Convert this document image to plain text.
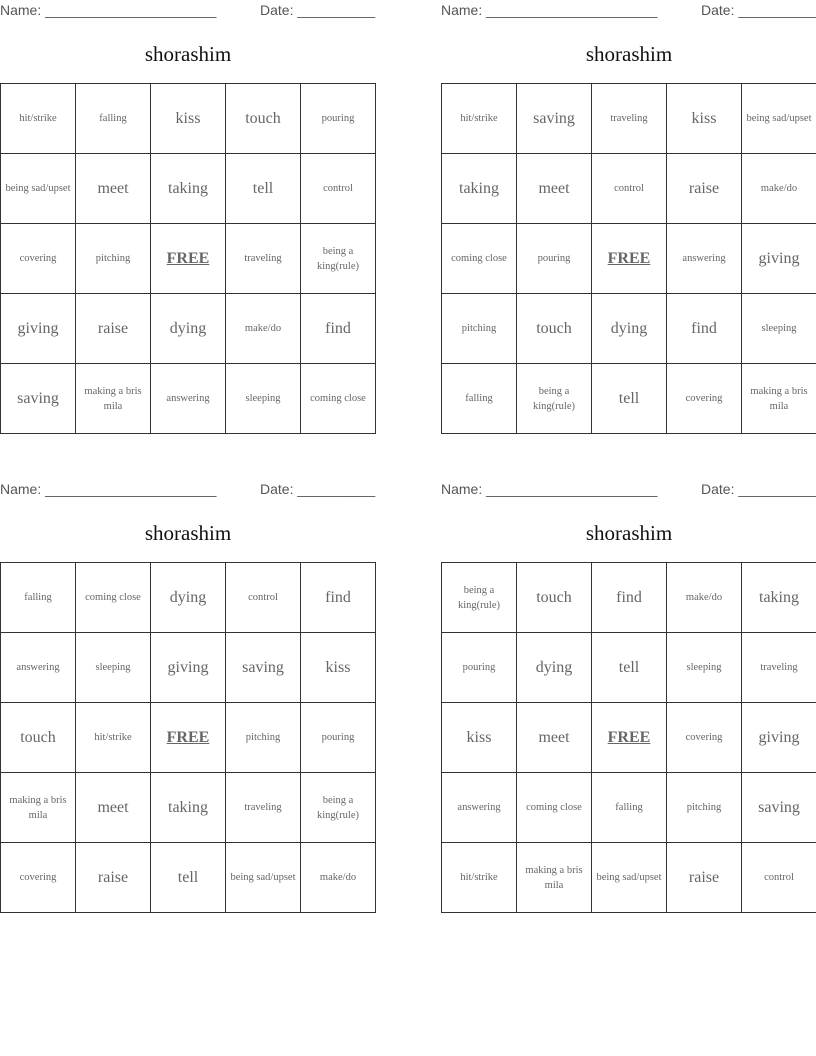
Name: ______________________	Date: __________
shorashim
hit/strike	falling	kiss	touch	pouring
being sad/upset	meet	taking	tell	control
covering	pitching	FREE	traveling	being a king(rule)
giving	raise	dying	make/do	find
saving	making a bris mila	answering	sleeping	coming close
Name: ______________________	Date: __________
shorashim
hit/strike	saving	traveling	kiss	being sad/upset
taking	meet	control	raise	make/do
coming close	pouring	FREE	answering	giving
pitching	touch	dying	find	sleeping
falling	being a king(rule)	tell	covering	making a bris mila
Name: ______________________	Date: __________
shorashim
falling	coming close	dying	control	find
answering	sleeping	giving	saving	kiss
touch	hit/strike	FREE	pitching	pouring
making a bris mila	meet	taking	traveling	being a king(rule)
covering	raise	tell	being sad/upset	make/do
Name: ______________________	Date: __________
shorashim
being a king(rule)	touch	find	make/do	taking
pouring	dying	tell	sleeping	traveling
kiss	meet	FREE	covering	giving
answering	coming close	falling	pitching	saving
hit/strike	making a bris mila	being sad/upset	raise	control
